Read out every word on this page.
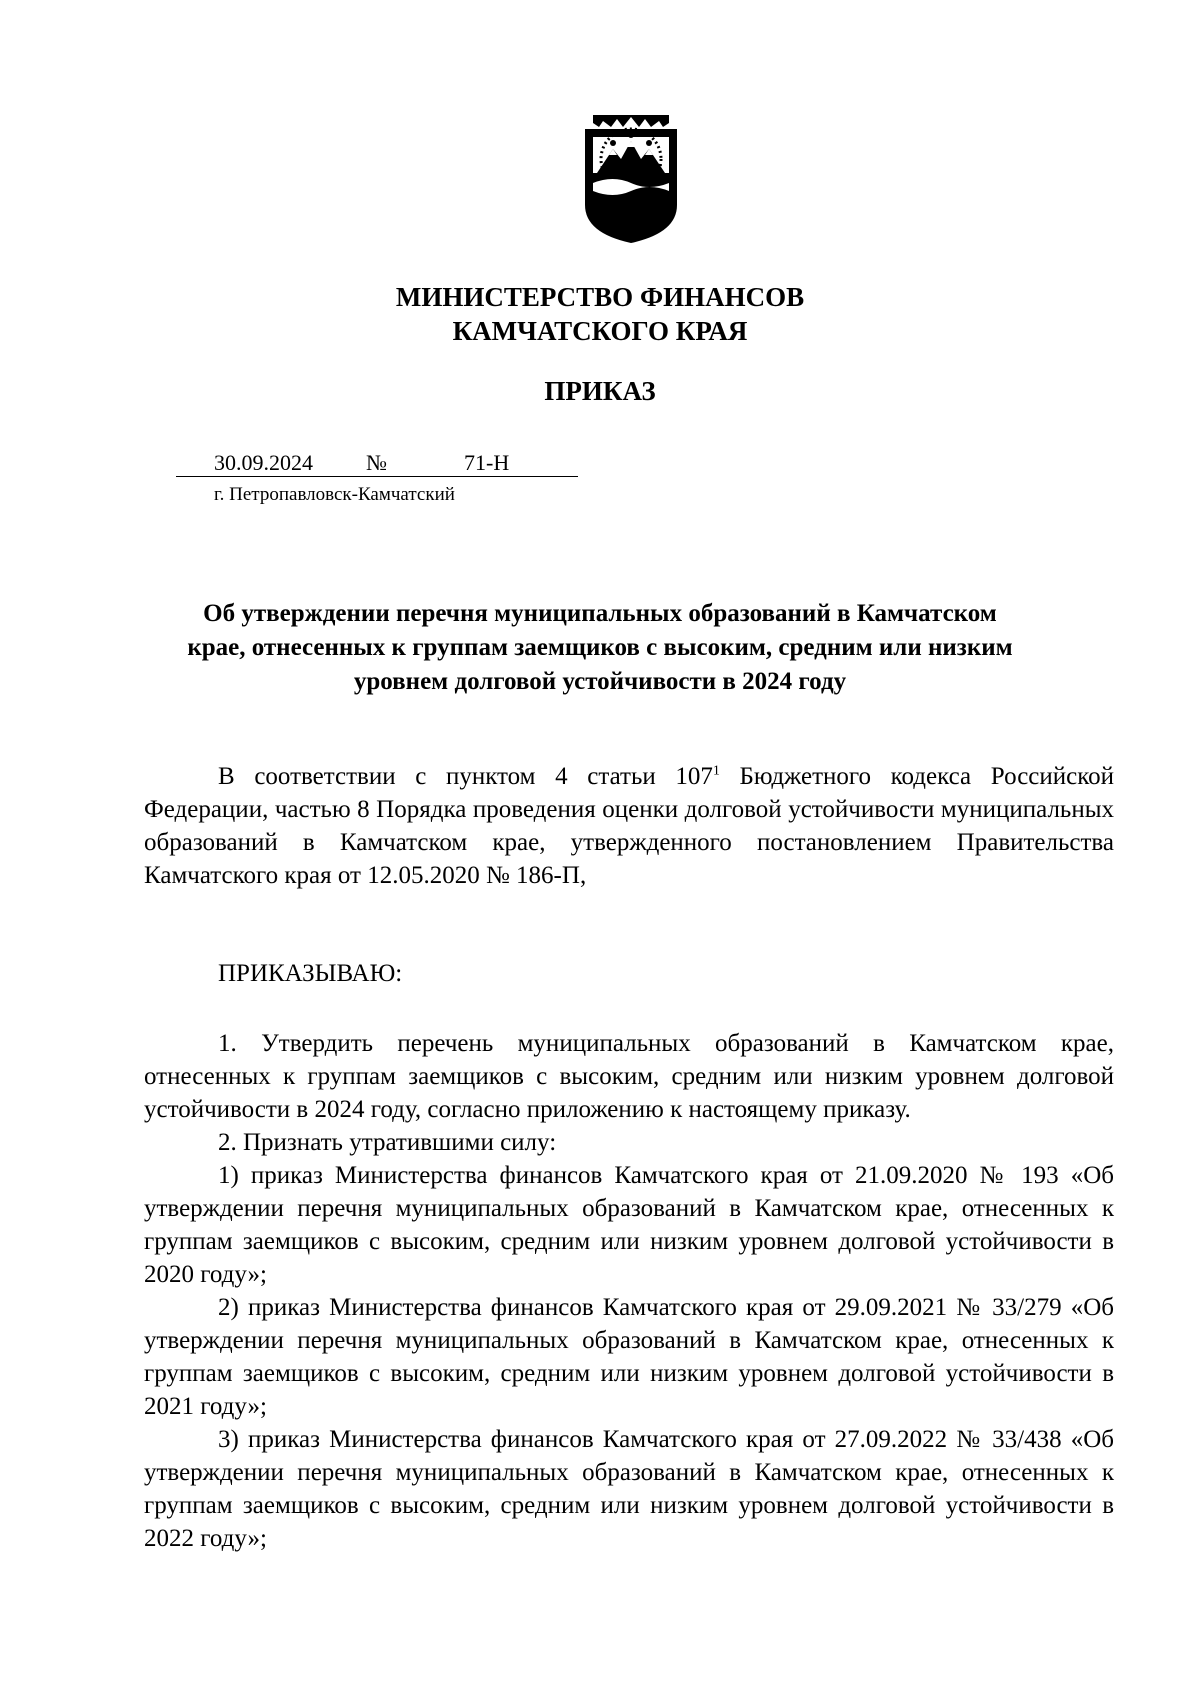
МИНИСТЕРСТВО ФИНАНСОВ
КАМЧАТСКОГО КРАЯ
ПРИКАЗ
30.09.2024 №	71-Н
г. Петропавловск-Камчатский
Об утверждении перечня муниципальных образований в Камчатском
крае, отнесенных к группам заемщиков с высоким, средним или низким
уровнем долговой устойчивости в 2024 году

В соответствии с пунктом 4 статьи $107^1$ Бюджетного кодекса Российской Федерации, частью 8 Порядка проведения оценки долговой устойчивости муниципальных образований в Камчатском крае, утвержденного постановлением Правительства Камчатского края от 12.05.2020 № 186-П,

ПРИКАЗЫВАЮ:

1. Утвердить перечень муниципальных образований в Камчатском крае, отнесенных к группам заемщиков с высоким, средним или низким уровнем долговой устойчивости в 2024 году, согласно приложению к настоящему приказу.

2. Признать утратившими силу:

1) приказ Министерства финансов Камчатского края от 21.09.2020 № 193 «Об утверждении перечня муниципальных образований в Камчатском крае, отнесенных к группам заемщиков с высоким, средним или низким уровнем долговой устойчивости в 2020 году»;

2) приказ Министерства финансов Камчатского края от 29.09.2021 № 33/279 «Об утверждении перечня муниципальных образований в Камчатском крае, отнесенных к группам заемщиков с высоким, средним или низким уровнем долговой устойчивости в 2021 году»;

3) приказ Министерства финансов Камчатского края от 27.09.2022 № 33/438 «Об утверждении перечня муниципальных образований в Камчатском крае, отнесенных к группам заемщиков с высоким, средним или низким уровнем долговой устойчивости в 2022 году»;
